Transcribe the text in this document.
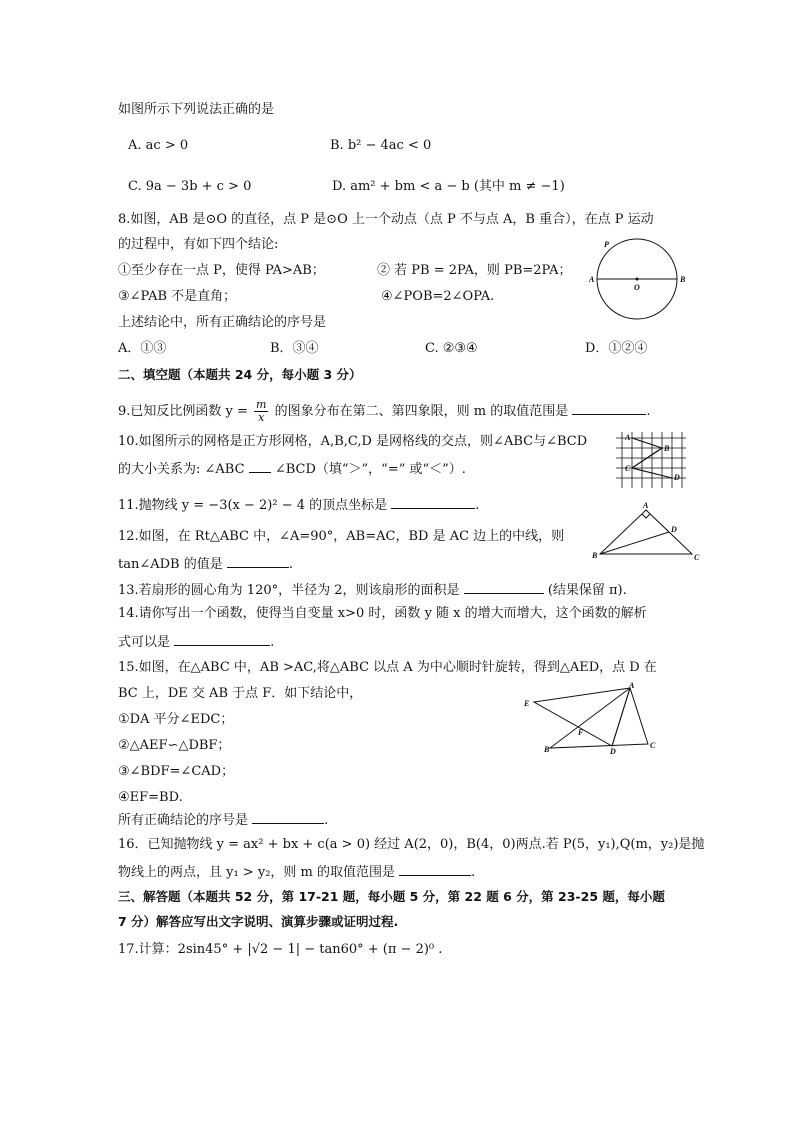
如图所示下列说法正确的是
A. ac > 0	B. b² − 4ac < 0
C. 9a − 3b + c > 0	D. am² + bm < a − b (其中 m ≠ −1)
8.如图，AB 是⊙O 的直径，点 P 是⊙O 上一个动点（点 P 不与点 A，B 重合），在点 P 运动
的过程中，有如下四个结论:
①至少存在一点 P，使得 PA>AB；	② 若 PB = 2PA，则 PB=2PA；
③∠PAB 不是直角；	④∠POB=2∠OPA.
上述结论中，所有正确结论的序号是
A．①③	B．③④	C. ②③④	D．①②④
P
A	B
O
二、填空题（本题共 24 分，每小题 3 分）
9.已知反比例函数 $y = \frac{m}{x}$ 的图象分布在第二、第四象限，则 m 的取值范围是	.
10.如图所示的网格是正方形网格，A,B,C,D 是网格线的交点，则∠ABC与∠BCD
的大小关系为: ∠ABC ∠BCD（填“＞”，“=” 或“＜”）.
A
B
C
D
11.抛物线 y = −3(x − 2)² − 4 的顶点坐标是	.
12.如图，在 Rt△ABC 中，∠A=90°，AB=AC，BD 是 AC 边上的中线，则
tan∠ADB 的值是	.
A
B	C
D
13.若扇形的圆心角为 120°，半径为 2，则该扇形的面积是	(结果保留 π).
14.请你写出一个函数，使得当自变量 x>0 时，函数 y 随 x 的增大而增大，这个函数的解析
式可以是	.
15.如图，在△ABC 中，AB >AC,将△ABC 以点 A 为中心顺时针旋转，得到△AED，点 D 在
BC 上，DE 交 AB 于点 F．如下结论中，
①DA 平分∠EDC；
②△AEF∽△DBF；
③∠BDF=∠CAD；
④EF=BD.
所有正确结论的序号是	.
A
B	C
D
E
F
16．已知抛物线 y = ax² + bx + c(a > 0) 经过 A(2，0)，B(4，0)两点.若 P(5，y₁),Q(m，y₂)是抛
物线上的两点，且 y₁ > y₂，则 m 的取值范围是	.
三、解答题（本题共 52 分，第 17-21 题，每小题 5 分，第 22 题 6 分，第 23-25 题，每小题
7 分）解答应写出文字说明、演算步骤或证明过程.
17.计算：2sin45° + |√2 − 1| − tan60° + (π − 2)⁰ .
